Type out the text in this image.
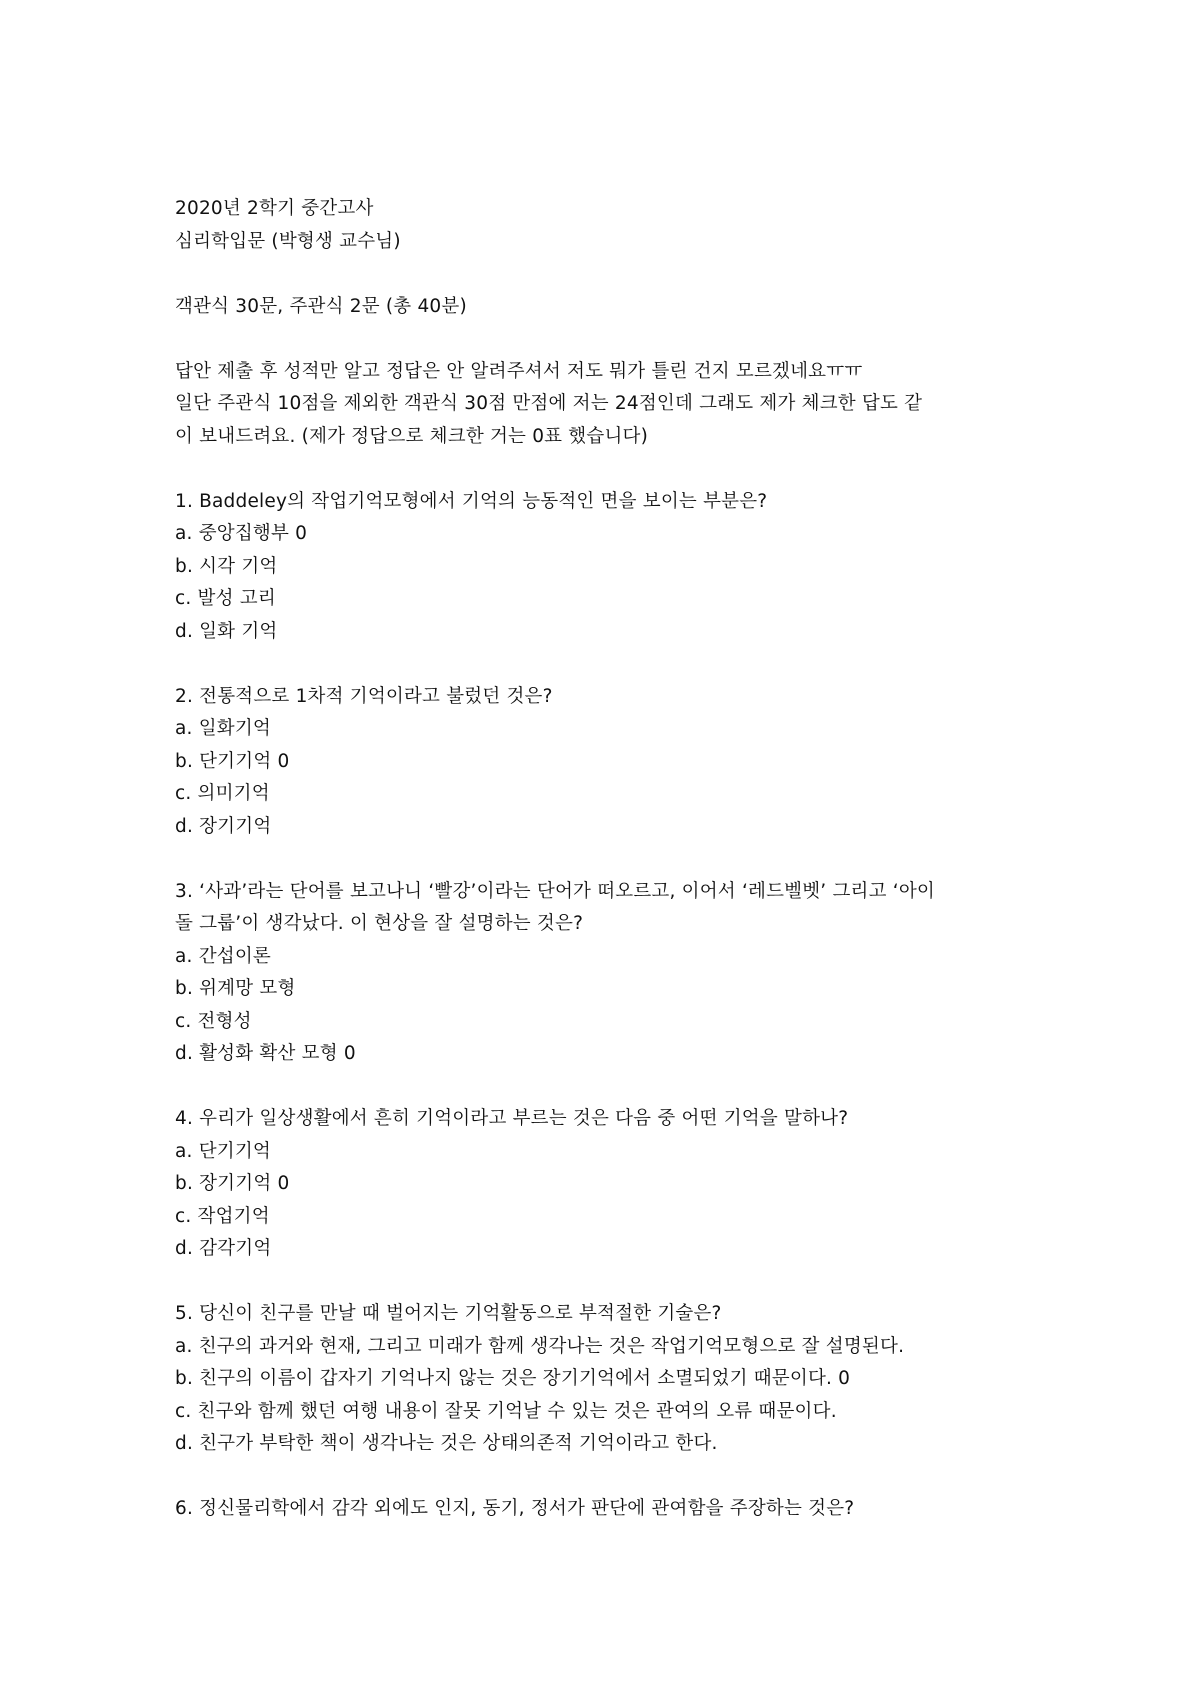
2020년 2학기 중간고사
심리학입문 (박형생 교수님)
객관식 30문, 주관식 2문 (총 40분)
답안 제출 후 성적만 알고 정답은 안 알려주셔서 저도 뭐가 틀린 건지 모르겠네요ㅠㅠ
일단 주관식 10점을 제외한 객관식 30점 만점에 저는 24점인데 그래도 제가 체크한 답도 같
이 보내드려요. (제가 정답으로 체크한 거는 0표 했습니다)
1. Baddeley의 작업기억모형에서 기억의 능동적인 면을 보이는 부분은?
a. 중앙집행부 0
b. 시각 기억
c. 발성 고리
d. 일화 기억
2. 전통적으로 1차적 기억이라고 불렀던 것은?
a. 일화기억
b. 단기기억 0
c. 의미기억
d. 장기기억
3. ‘사과’라는 단어를 보고나니 ‘빨강’이라는 단어가 떠오르고, 이어서 ‘레드벨벳’ 그리고 ‘아이
돌 그룹’이 생각났다. 이 현상을 잘 설명하는 것은?
a. 간섭이론
b. 위계망 모형
c. 전형성
d. 활성화 확산 모형 0
4. 우리가 일상생활에서 흔히 기억이라고 부르는 것은 다음 중 어떤 기억을 말하나?
a. 단기기억
b. 장기기억 0
c. 작업기억
d. 감각기억
5. 당신이 친구를 만날 때 벌어지는 기억활동으로 부적절한 기술은?
a. 친구의 과거와 현재, 그리고 미래가 함께 생각나는 것은 작업기억모형으로 잘 설명된다.
b. 친구의 이름이 갑자기 기억나지 않는 것은 장기기억에서 소멸되었기 때문이다. 0
c. 친구와 함께 했던 여행 내용이 잘못 기억날 수 있는 것은 관여의 오류 때문이다.
d. 친구가 부탁한 책이 생각나는 것은 상태의존적 기억이라고 한다.
6. 정신물리학에서 감각 외에도 인지, 동기, 정서가 판단에 관여함을 주장하는 것은?
